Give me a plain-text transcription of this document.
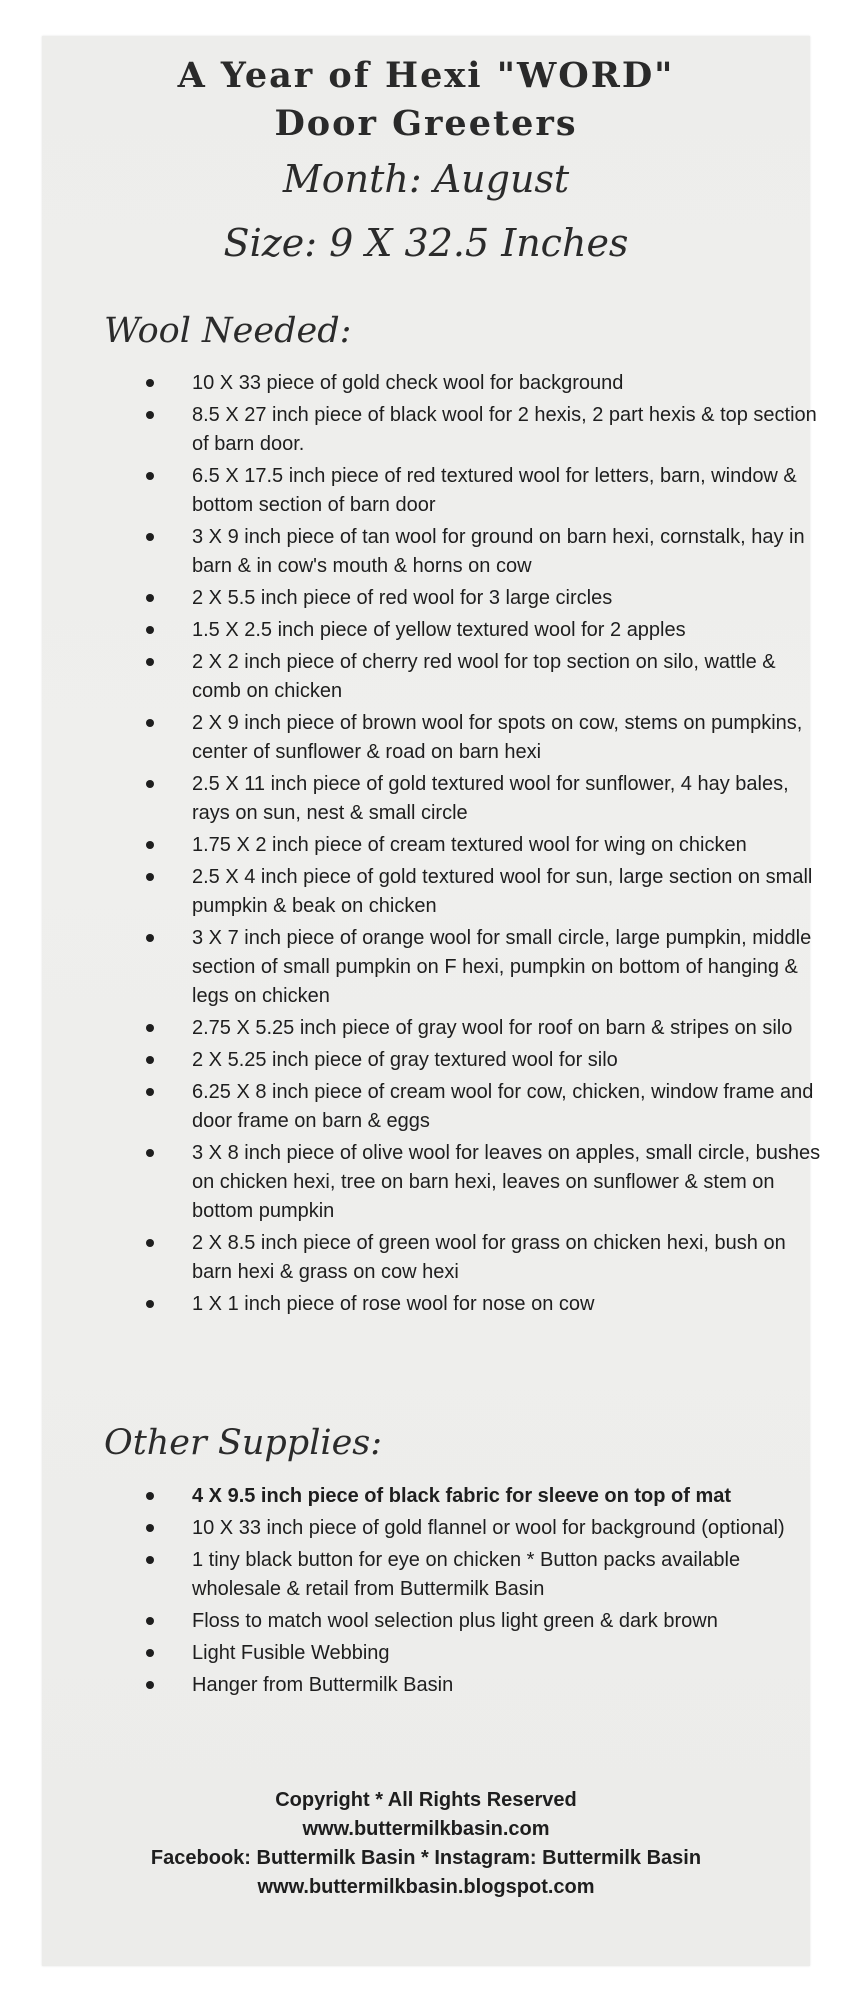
A Year of Hexi "WORD"
Door Greeters
Month: August
Size: 9 X 32.5 Inches
Wool Needed:
10 X 33 piece of gold check wool for background
8.5 X 27 inch piece of black wool for 2 hexis, 2 part hexis & top section of barn door.
6.5 X 17.5 inch piece of red textured wool for letters, barn, window & bottom section of barn door
3 X 9 inch piece of tan wool for ground on barn hexi, cornstalk, hay in barn & in cow's mouth & horns on cow
2 X 5.5 inch piece of red wool for 3 large circles
1.5 X 2.5 inch piece of yellow textured wool for 2 apples
2 X 2 inch piece of cherry red wool for top section on silo, wattle & comb on chicken
2 X 9 inch piece of brown wool for spots on cow, stems on pumpkins, center of sunflower & road on barn hexi
2.5 X 11 inch piece of gold textured wool for sunflower, 4 hay bales, rays on sun, nest & small circle
1.75 X 2 inch piece of cream textured wool for wing on chicken
2.5 X 4 inch piece of gold textured wool for sun, large section on small pumpkin & beak on chicken
3 X 7 inch piece of orange wool for small circle, large pumpkin, middle section of small pumpkin on F hexi, pumpkin on bottom of hanging & legs on chicken
2.75 X 5.25 inch piece of gray wool for roof on barn & stripes on silo
2 X 5.25 inch piece of gray textured wool for silo
6.25 X 8 inch piece of cream wool for cow, chicken, window frame and door frame on barn & eggs
3 X 8 inch piece of olive wool for leaves on apples, small circle, bushes on chicken hexi, tree on barn hexi, leaves on sunflower & stem on bottom pumpkin
2 X 8.5 inch piece of green wool for grass on chicken hexi, bush on barn hexi & grass on cow hexi
1 X 1 inch piece of rose wool for nose on cow
Other Supplies:
4 X 9.5 inch piece of black fabric for sleeve on top of mat
10 X 33 inch piece of gold flannel or wool for background (optional)
1 tiny black button for eye on chicken * Button packs available wholesale & retail from Buttermilk Basin
Floss to match wool selection plus light green & dark brown
Light Fusible Webbing
Hanger from Buttermilk Basin
Copyright * All Rights Reserved
www.buttermilkbasin.com
Facebook: Buttermilk Basin * Instagram: Buttermilk Basin
www.buttermilkbasin.blogspot.com
